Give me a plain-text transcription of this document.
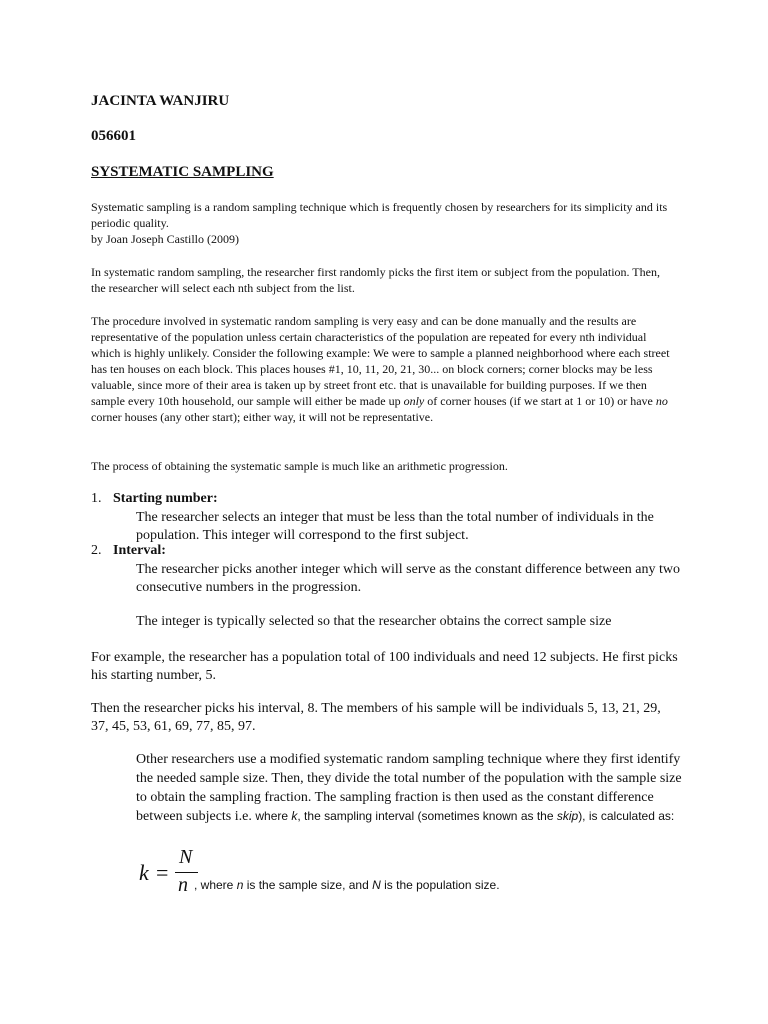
JACINTA WANJIRU
056601
SYSTEMATIC SAMPLING
Systematic sampling is a random sampling technique which is frequently chosen by researchers for its simplicity and its periodic quality.
by Joan Joseph Castillo (2009)
In systematic random sampling, the researcher first randomly picks the first item or subject from the population. Then, the researcher will select each nth subject from the list.
The procedure involved in systematic random sampling is very easy and can be done manually and the results are representative of the population unless certain characteristics of the population are repeated for every nth individual which is highly unlikely. Consider the following example: We were to sample a planned neighborhood where each street has ten houses on each block. This places houses #1, 10, 11, 20, 21, 30... on block corners; corner blocks may be less valuable, since more of their area is taken up by street front etc. that is unavailable for building purposes. If we then sample every 10th household, our sample will either be made up only of corner houses (if we start at 1 or 10) or have no corner houses (any other start); either way, it will not be representative.
The process of obtaining the systematic sample is much like an arithmetic progression.
1. Starting number:
The researcher selects an integer that must be less than the total number of individuals in the population. This integer will correspond to the first subject.
2. Interval:
The researcher picks another integer which will serve as the constant difference between any two consecutive numbers in the progression.
The integer is typically selected so that the researcher obtains the correct sample size
For example, the researcher has a population total of 100 individuals and need 12 subjects. He first picks his starting number, 5.
Then the researcher picks his interval, 8. The members of his sample will be individuals 5, 13, 21, 29, 37, 45, 53, 61, 69, 77, 85, 97.
Other researchers use a modified systematic random sampling technique where they first identify the needed sample size. Then, they divide the total number of the population with the sample size to obtain the sampling fraction. The sampling fraction is then used as the constant difference between subjects i.e. where k, the sampling interval (sometimes known as the skip), is calculated as:
k =
N
n , where n is the sample size, and N is the population size.
